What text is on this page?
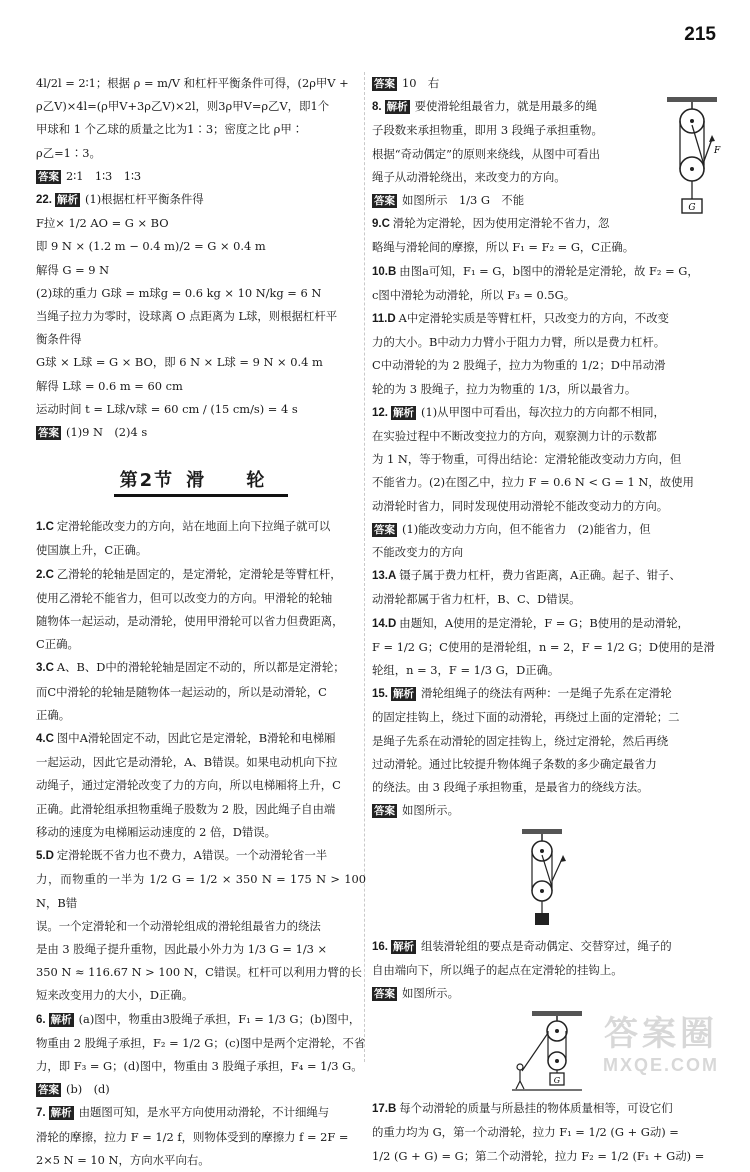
215

4l/2l = 2∶1；根据 ρ = m/V 和杠杆平衡条件可得，(2ρ甲V +

ρ乙V)×4l=(ρ甲V+3ρ乙V)×2l，则3ρ甲V=ρ乙V，即1个

甲球和 1 个乙球的质量之比为1∶3；密度之比 ρ甲∶

ρ乙=1∶3。

答案 2∶1　1∶3　1∶3

22. 解析 (1)根据杠杆平衡条件得

F拉× 1/2 AO = G × BO

即 9 N × (1.2 m − 0.4 m)/2 = G × 0.4 m

解得 G = 9 N

(2)球的重力 G球 = m球g = 0.6 kg × 10 N/kg = 6 N

当绳子拉力为零时，设球离 O 点距离为 L球，则根据杠杆平

衡条件得

G球 × L球 = G × BO，即 6 N × L球 = 9 N × 0.4 m

解得 L球 = 0.6 m = 60 cm

运动时间 t = L球/v球 = 60 cm / (15 cm/s) = 4 s

答案 (1)9 N　(2)4 s

第2节 滑 轮

1.C 定滑轮能改变力的方向，站在地面上向下拉绳子就可以

使国旗上升，C正确。

2.C 乙滑轮的轮轴是固定的，是定滑轮，定滑轮是等臂杠杆，

使用乙滑轮不能省力，但可以改变力的方向。甲滑轮的轮轴

随物体一起运动，是动滑轮，使用甲滑轮可以省力但费距离，

C正确。

3.C A、B、D中的滑轮轮轴是固定不动的，所以都是定滑轮；

而C中滑轮的轮轴是随物体一起运动的，所以是动滑轮，C

正确。

4.C 图中A滑轮固定不动，因此它是定滑轮，B滑轮和电梯厢

一起运动，因此它是动滑轮，A、B错误。如果电动机向下拉

动绳子，通过定滑轮改变了力的方向，所以电梯厢将上升，C

正确。此滑轮组承担物重绳子股数为 2 股，因此绳子自由端

移动的速度为电梯厢运动速度的 2 倍，D错误。

5.D 定滑轮既不省力也不费力，A错误。一个动滑轮省一半

力，而物重的一半为 1/2 G = 1/2 × 350 N = 175 N > 100 N，B错

误。一个定滑轮和一个动滑轮组成的滑轮组最省力的绕法

是由 3 股绳子提升重物，因此最小外力为 1/3 G = 1/3 ×

350 N ≈ 116.67 N > 100 N，C错误。杠杆可以利用力臂的长

短来改变用力的大小，D正确。

6. 解析 (a)图中，物重由3股绳子承担，F₁ = 1/3 G；(b)图中，

物重由 2 股绳子承担，F₂ = 1/2 G；(c)图中是两个定滑轮，不省

力，即 F₃ = G；(d)图中，物重由 3 股绳子承担，F₄ = 1/3 G。

答案 (b)　(d)

7. 解析 由题图可知，是水平方向使用动滑轮，不计细绳与

滑轮的摩擦，拉力 F = 1/2 f，则物体受到的摩擦力 f = 2F =

2×5 N = 10 N，方向水平向右。

答案 10　右

F
G

8. 解析 要使滑轮组最省力，就是用最多的绳

子段数来承担物重，即用 3 段绳子承担重物。

根据“奇动偶定”的原则来绕线，从图中可看出

绳子从动滑轮绕出，来改变力的方向。

答案 如图所示　1/3 G　不能

9.C 滑轮为定滑轮，因为使用定滑轮不省力，忽

略绳与滑轮间的摩擦，所以 F₁ = F₂ = G，C正确。

10.B 由图a可知，F₁ = G，b图中的滑轮是定滑轮，故 F₂ = G，

c图中滑轮为动滑轮，所以 F₃ = 0.5G。

11.D A中定滑轮实质是等臂杠杆，只改变力的方向，不改变

力的大小。B中动力力臂小于阻力力臂，所以是费力杠杆。

C中动滑轮的为 2 股绳子，拉力为物重的 1/2；D中吊动滑

轮的为 3 股绳子，拉力为物重的 1/3，所以最省力。

12. 解析 (1)从甲图中可看出，每次拉力的方向都不相同，

在实验过程中不断改变拉力的方向，观察测力计的示数都

为 1 N，等于物重，可得出结论：定滑轮能改变动力方向，但

不能省力。(2)在图乙中，拉力 F = 0.6 N < G = 1 N，故使用

动滑轮时省力，同时发现使用动滑轮不能改变动力的方向。

答案 (1)能改变动力方向，但不能省力　(2)能省力，但

不能改变力的方向

13.A 镊子属于费力杠杆，费力省距离，A正确。起子、钳子、

动滑轮都属于省力杠杆，B、C、D错误。

14.D 由题知，A使用的是定滑轮，F = G；B使用的是动滑轮，

F = 1/2 G；C使用的是滑轮组，n = 2，F = 1/2 G；D使用的是滑

轮组，n = 3，F = 1/3 G，D正确。

15. 解析 滑轮组绳子的绕法有两种：一是绳子先系在定滑轮

的固定挂钩上，绕过下面的动滑轮，再绕过上面的定滑轮；二

是绳子先系在动滑轮的固定挂钩上，绕过定滑轮，然后再绕

过动滑轮。通过比较提升物体绳子条数的多少确定最省力

的绕法。由 3 段绳子承担物重，是最省力的绕线方法。

答案 如图所示。

16. 解析 组装滑轮组的要点是奇动偶定、交替穿过，绳子的

自由端向下，所以绳子的起点在定滑轮的挂钩上。

答案 如图所示。

G

17.B 每个动滑轮的质量与所悬挂的物体质量相等，可设它们

的重力均为 G，第一个动滑轮，拉力 F₁ = 1/2 (G + G动) =

1/2 (G + G) = G；第二个动滑轮，拉力 F₂ = 1/2 (F₁ + G动) =

答案圈
MXQE.COM
